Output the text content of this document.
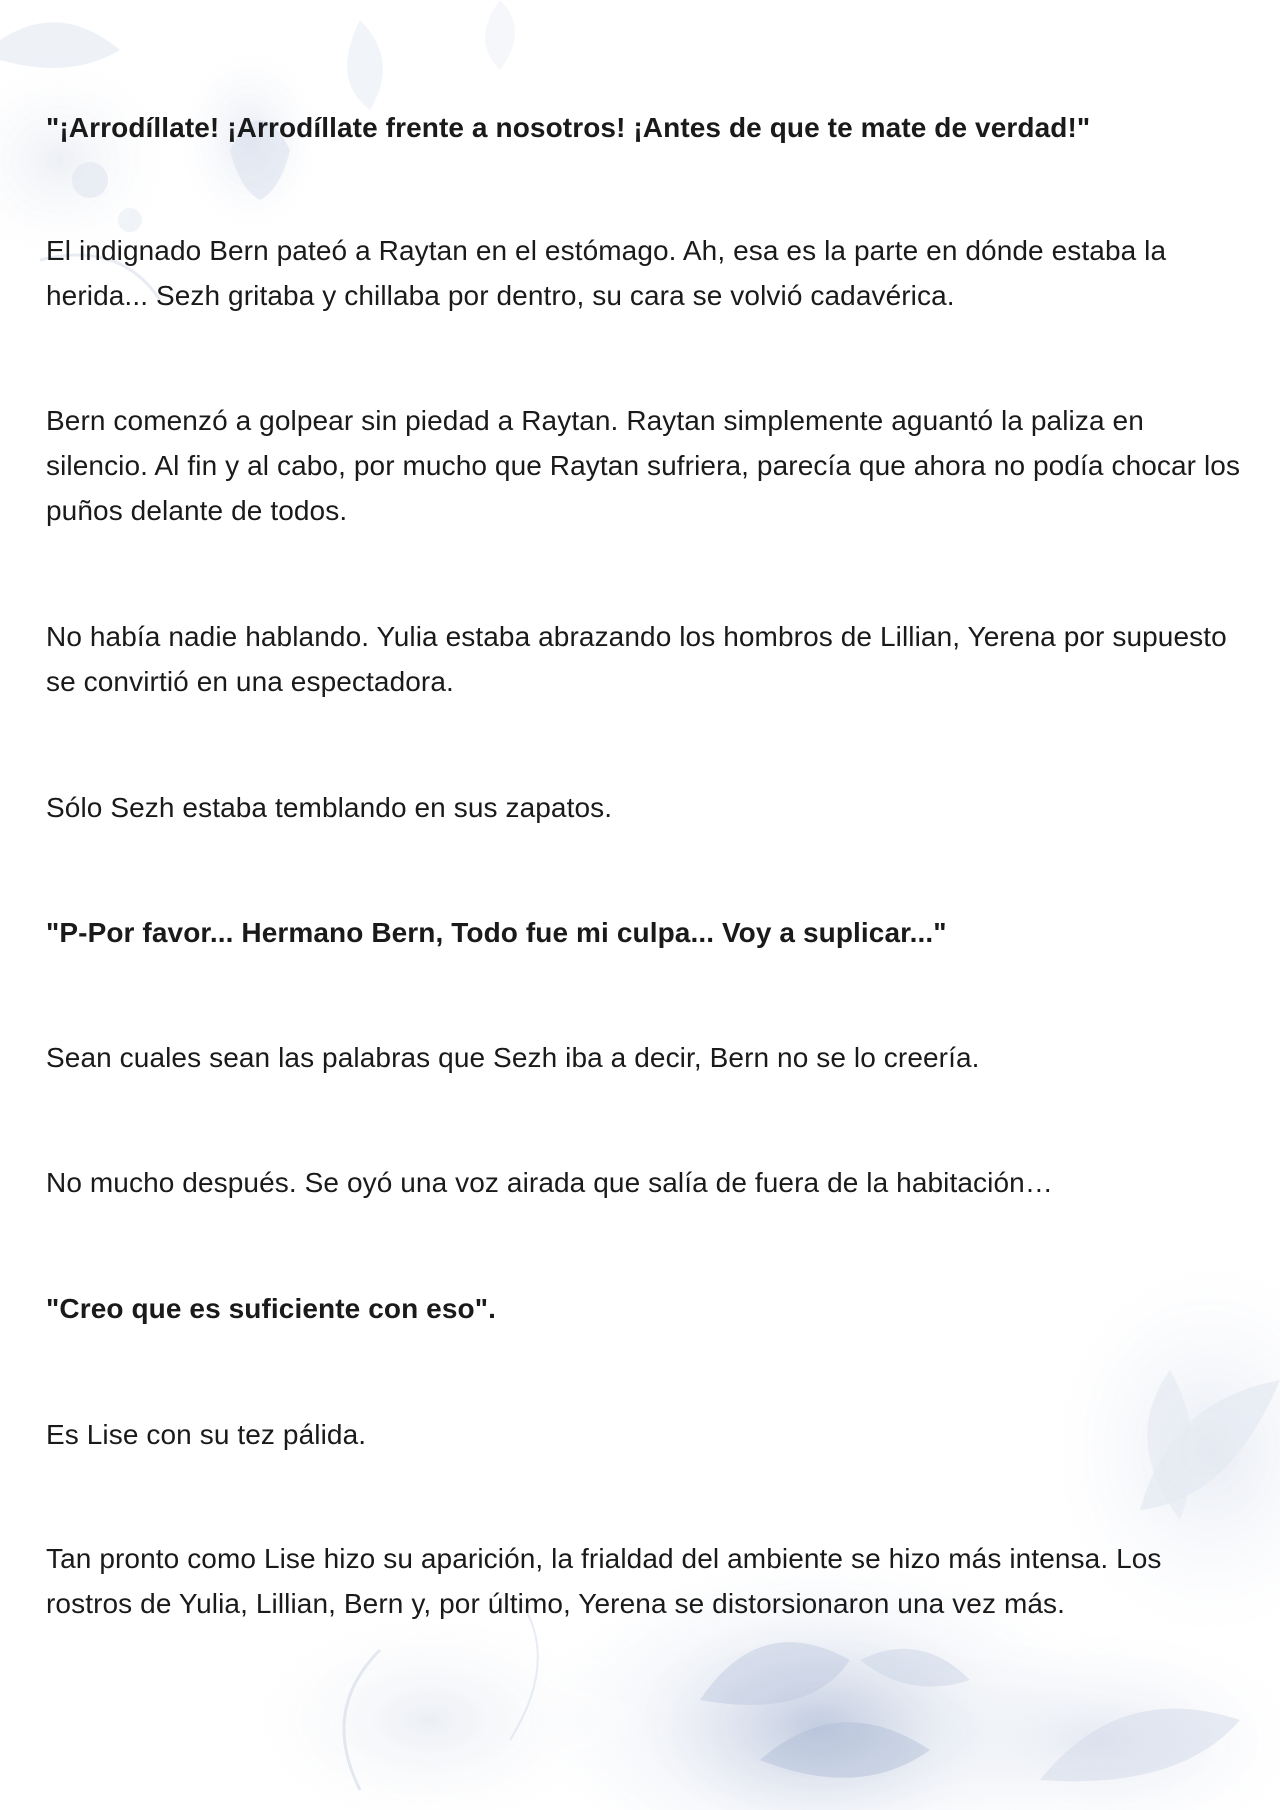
"¡Arrodíllate! ¡Arrodíllate frente a nosotros! ¡Antes de que te mate de verdad!"

El indignado Bern pateó a Raytan en el estómago. Ah, esa es la parte en dónde estaba la herida... Sezh gritaba y chillaba por dentro, su cara se volvió cadavérica.

Bern comenzó a golpear sin piedad a Raytan. Raytan simplemente aguantó la paliza en silencio. Al fin y al cabo, por mucho que Raytan sufriera, parecía que ahora no podía chocar los puños delante de todos.

No había nadie hablando. Yulia estaba abrazando los hombros de Lillian, Yerena por supuesto se convirtió en una espectadora.

Sólo Sezh estaba temblando en sus zapatos.

"P-Por favor... Hermano Bern, Todo fue mi culpa... Voy a suplicar..."

Sean cuales sean las palabras que Sezh iba a decir, Bern no se lo creería.

No mucho después. Se oyó una voz airada que salía de fuera de la habitación…

"Creo que es suficiente con eso".

Es Lise con su tez pálida.

Tan pronto como Lise hizo su aparición, la frialdad del ambiente se hizo más intensa. Los rostros de Yulia, Lillian, Bern y, por último, Yerena se distorsionaron una vez más.
